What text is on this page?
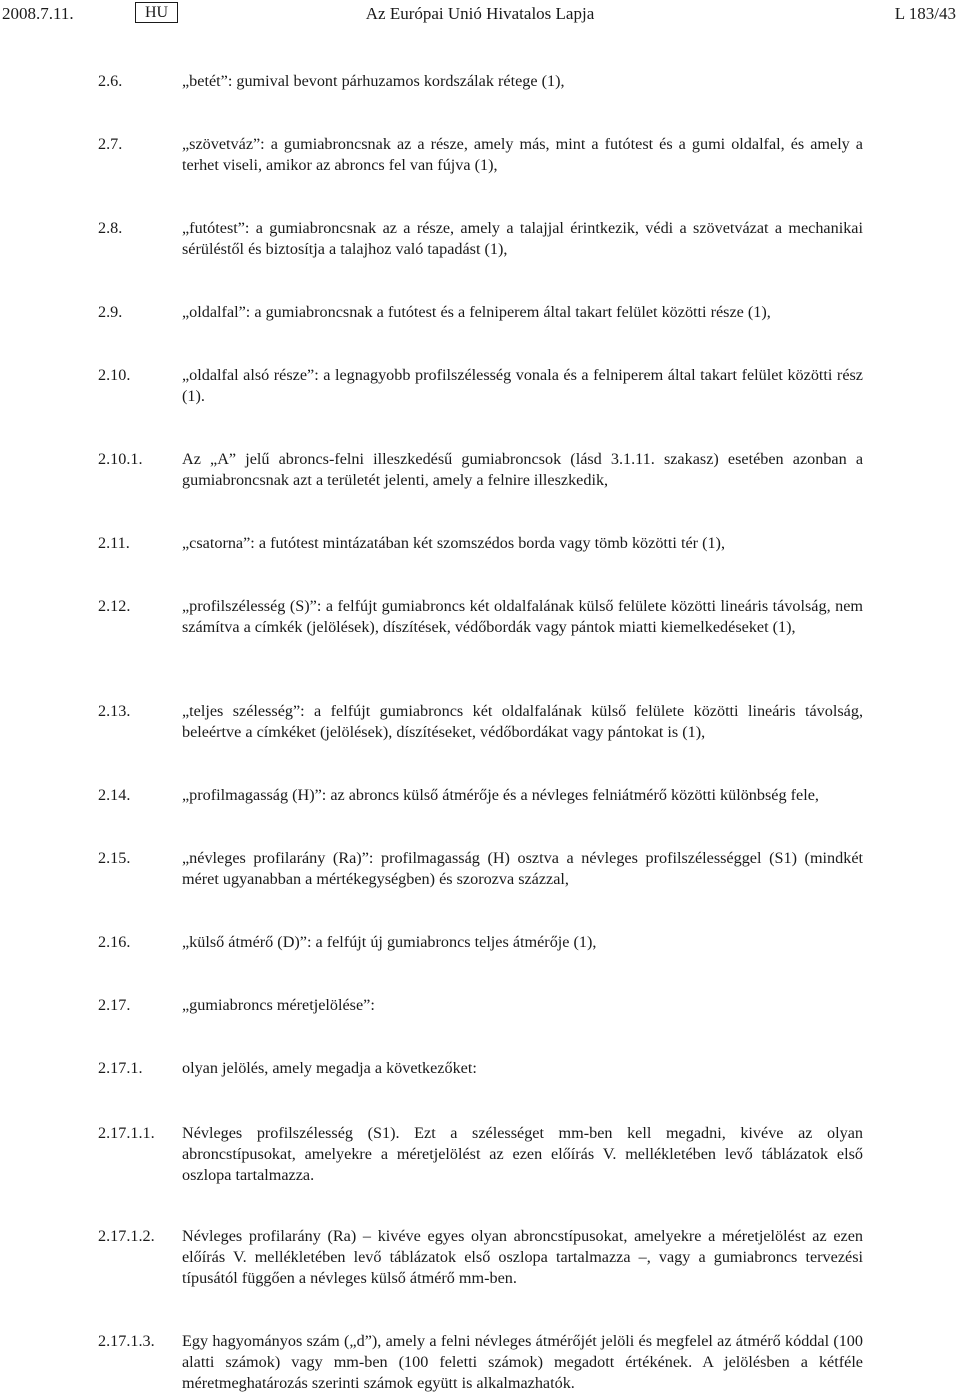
2008.7.11.	HU	Az Európai Unió Hivatalos Lapja	L 183/43
2.6.	„betét”: gumival bevont párhuzamos kordszálak rétege (1),
2.7.	„szövetváz”: a gumiabroncsnak az a része, amely más, mint a futótest és a gumi oldalfal, és amely a terhet viseli, amikor az abroncs fel van fújva (1),
2.8.	„futótest”: a gumiabroncsnak az a része, amely a talajjal érintkezik, védi a szövetvázat a mechanikai sérüléstől és biztosítja a talajhoz való tapadást (1),
2.9.	„oldalfal”: a gumiabroncsnak a futótest és a felniperem által takart felület közötti része (1),
2.10.	„oldalfal alsó része”: a legnagyobb profilszélesség vonala és a felniperem által takart felület közötti rész (1).
2.10.1. Az „A” jelű abroncs-felni illeszkedésű gumiabroncsok (lásd 3.1.11. szakasz) esetében azonban a gumiabroncsnak azt a területét jelenti, amely a felnire illeszkedik,
2.11.	„csatorna”: a futótest mintázatában két szomszédos borda vagy tömb közötti tér (1),
2.12.	„profilszélesség (S)”: a felfújt gumiabroncs két oldalfalának külső felülete közötti lineáris távolság, nem számítva a címkék (jelölések), díszítések, védőbordák vagy pántok miatti kiemelkedéseket (1),
2.13.	„teljes szélesség”: a felfújt gumiabroncs két oldalfalának külső felülete közötti lineáris távolság, beleértve a címkéket (jelölések), díszítéseket, védőbordákat vagy pántokat is (1),
2.14.	„profilmagasság (H)”: az abroncs külső átmérője és a névleges felniátmérő közötti különbség fele,
2.15.	„névleges profilarány (Ra)”: profilmagasság (H) osztva a névleges profilszélességgel (S1) (mindkét méret ugyanabban a mértékegységben) és szorozva százzal,
2.16.	„külső átmérő (D)”: a felfújt új gumiabroncs teljes átmérője (1),
2.17.	„gumiabroncs méretjelölése”:
2.17.1. olyan jelölés, amely megadja a következőket:
2.17.1.1. Névleges profilszélesség (S1). Ezt a szélességet mm-ben kell megadni, kivéve az olyan abroncstípusokat, amelyekre a méretjelölést az ezen előírás V. mellékletében levő táblázatok első oszlopa tartalmazza.
2.17.1.2. Névleges profilarány (Ra) – kivéve egyes olyan abroncstípusokat, amelyekre a méretjelölést az ezen előírás V. mellékletében levő táblázatok első oszlopa tartalmazza –, vagy a gumiabroncs tervezési típusától függően a névleges külső átmérő mm-ben.
2.17.1.3. Egy hagyományos szám („d”), amely a felni névleges átmérőjét jelöli és megfelel az átmérő kóddal (100 alatti számok) vagy mm-ben (100 feletti számok) megadott értékének. A jelölésben a kétféle méretmeghatározás szerinti számok együtt is alkalmazhatók.
